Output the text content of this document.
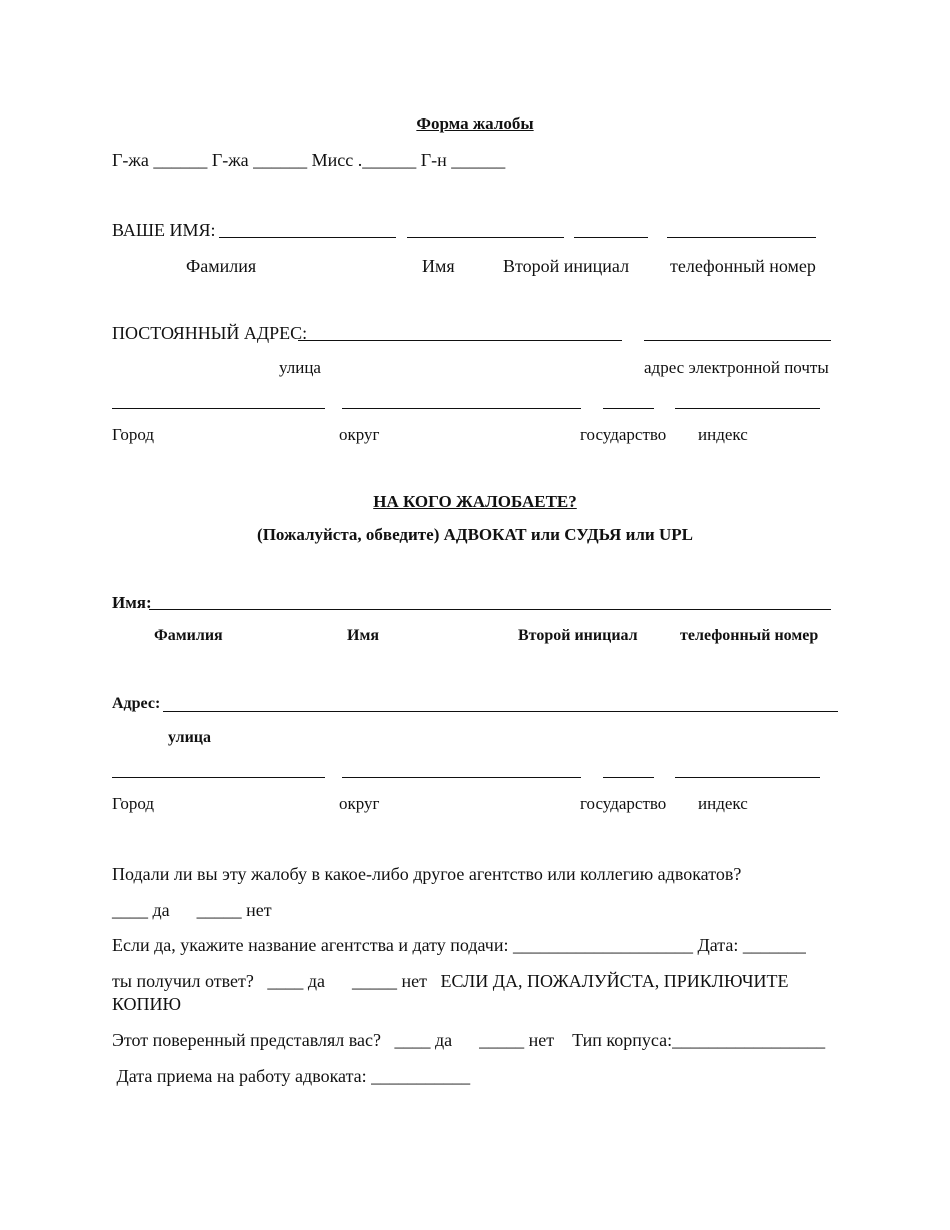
Форма жалобы
Г-жа ______ Г-жа ______ Мисс .______ Г-н ______
ВАШЕ ИМЯ:
Фамилия	Имя	Второй инициал телефонный номер
ПОСТОЯННЫЙ АДРЕС:
улица	адрес электронной почты
Город	округ	государство индекс
НА КОГО ЖАЛОБАЕТЕ?
(Пожалуйста, обведите) АДВОКАТ или СУДЬЯ или UPL
Имя:
Фамилия	Имя	Второй инициал	телефонный номер
Адрес:
улица
Город	округ	государство индекс
Подали ли вы эту жалобу в какое-либо другое агентство или коллегию адвокатов?
____ да      _____ нет
Если да, укажите название агентства и дату подачи: ____________________ Дата: _______
ты получил ответ?   ____ да      _____ нет   ЕСЛИ ДА, ПОЖАЛУЙСТА, ПРИКЛЮЧИТЕ
КОПИЮ
Этот поверенный представлял вас?   ____ да      _____ нет    Тип корпуса:_________________
Дата приема на работу адвоката: ___________
